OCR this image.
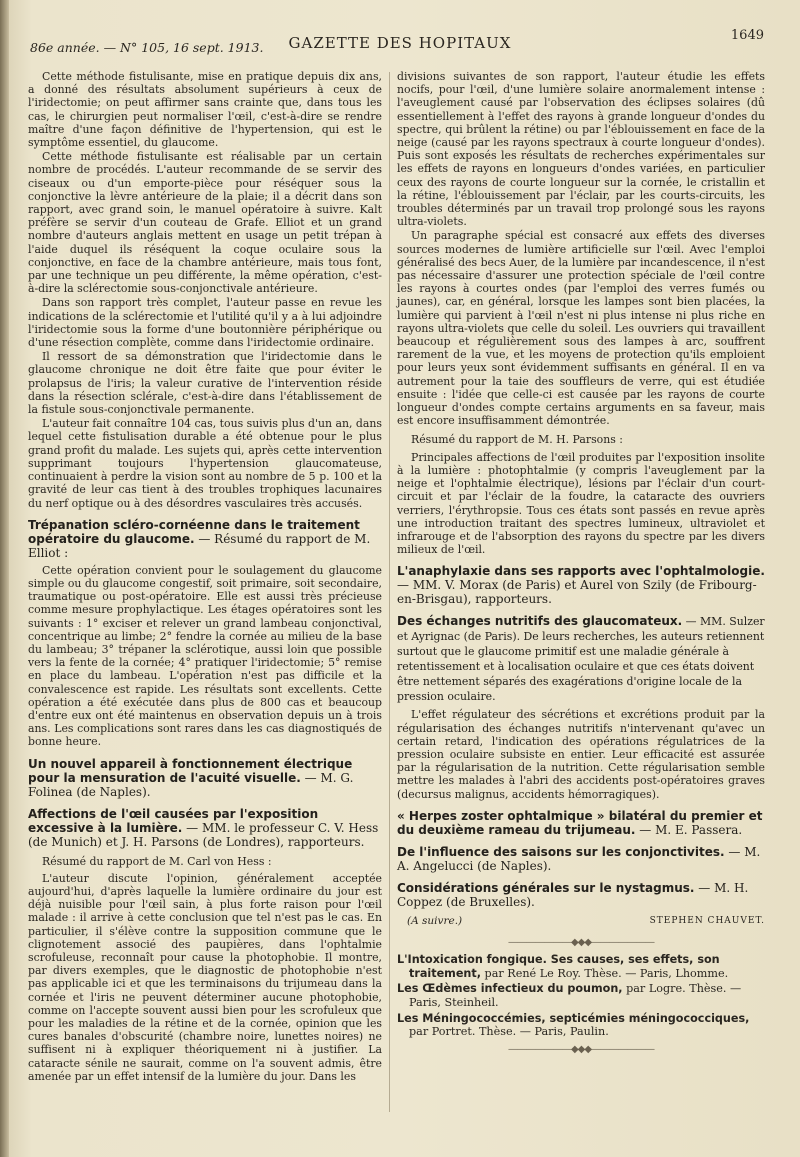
86e année. — N° 105, 16 sept. 1913.	GAZETTE DES HOPITAUX	1649

Cette méthode fistulisante, mise en pratique depuis dix ans, a donné des résultats absolument supérieurs à ceux de l'iridectomie; on peut affirmer sans crainte que, dans tous les cas, le chirurgien peut normaliser l'œil, c'est-à-dire se rendre maître d'une façon définitive de l'hypertension, qui est le symptôme essentiel, du glaucome.

Cette méthode fistulisante est réalisable par un certain nombre de procédés. L'auteur recommande de se servir des ciseaux ou d'un emporte-pièce pour réséquer sous la conjonctive la lèvre antérieure de la plaie; il a décrit dans son rapport, avec grand soin, le manuel opératoire à suivre. Kalt préfère se servir d'un couteau de Grafe. Elliot et un grand nombre d'auteurs anglais mettent en usage un petit trépan à l'aide duquel ils réséquent la coque oculaire sous la conjonctive, en face de la chambre antérieure, mais tous font, par une technique un peu différente, la même opération, c'est-à-dire la sclérectomie sous-conjonctivale antérieure.

Dans son rapport très complet, l'auteur passe en revue les indications de la sclérectomie et l'utilité qu'il y a à lui adjoindre l'iridectomie sous la forme d'une boutonnière périphérique ou d'une résection complète, comme dans l'iridectomie ordinaire.

Il ressort de sa démonstration que l'iridectomie dans le glaucome chronique ne doit être faite que pour éviter le prolapsus de l'iris; la valeur curative de l'intervention réside dans la résection sclérale, c'est-à-dire dans l'établissement de la fistule sous-conjonctivale permanente.

L'auteur fait connaître 104 cas, tous suivis plus d'un an, dans lequel cette fistulisation durable a été obtenue pour le plus grand profit du malade. Les sujets qui, après cette intervention supprimant toujours l'hypertension glaucomateuse, continuaient à perdre la vision sont au nombre de 5 p. 100 et la gravité de leur cas tient à des troubles trophiques lacunaires du nerf optique ou à des désordres vasculaires très accusés.

Trépanation scléro-cornéenne dans le traitement opératoire du glaucome. — Résumé du rapport de M. Elliot :

Cette opération convient pour le soulagement du glaucome simple ou du glaucome congestif, soit primaire, soit secondaire, traumatique ou post-opératoire. Elle est aussi très précieuse comme mesure prophylactique. Les étages opératoires sont les suivants : 1° exciser et relever un grand lambeau conjonctival, concentrique au limbe; 2° fendre la cornée au milieu de la base du lambeau; 3° trépaner la sclérotique, aussi loin que possible vers la fente de la cornée; 4° pratiquer l'iridectomie; 5° remise en place du lambeau. L'opération n'est pas difficile et la convalescence est rapide. Les résultats sont excellents. Cette opération a été exécutée dans plus de 800 cas et beaucoup d'entre eux ont été maintenus en observation depuis un à trois ans. Les complications sont rares dans les cas diagnostiqués de bonne heure.

Un nouvel appareil à fonctionnement électrique pour la mensuration de l'acuité visuelle. — M. G. Folinea (de Naples).
Affections de l'œil causées par l'exposition excessive à la lumière. — MM. le professeur C. V. Hess (de Munich) et J. H. Parsons (de Londres), rapporteurs.
Résumé du rapport de M. Carl von Hess :

L'auteur discute l'opinion, généralement acceptée aujourd'hui, d'après laquelle la lumière ordinaire du jour est déjà nuisible pour l'œil sain, à plus forte raison pour l'œil malade : il arrive à cette conclusion que tel n'est pas le cas. En particulier, il s'élève contre la supposition commune que le clignotement associé des paupières, dans l'ophtalmie scrofuleuse, reconnaît pour cause la photophobie. Il montre, par divers exemples, que le diagnostic de photophobie n'est pas applicable ici et que les terminaisons du trijumeau dans la cornée et l'iris ne peuvent déterminer aucune photophobie, comme on l'accepte souvent aussi bien pour les scrofuleux que pour les maladies de la rétine et de la cornée, opinion que les cures banales d'obscurité (chambre noire, lunettes noires) ne suffisent ni à expliquer théoriquement ni à justifier. La cataracte sénile ne saurait, comme on l'a souvent admis, être amenée par un effet intensif de la lumière du jour. Dans les

divisions suivantes de son rapport, l'auteur étudie les effets nocifs, pour l'œil, d'une lumière solaire anormalement intense : l'aveuglement causé par l'observation des éclipses solaires (dû essentiellement à l'effet des rayons à grande longueur d'ondes du spectre, qui brûlent la rétine) ou par l'éblouissement en face de la neige (causé par les rayons spectraux à courte longueur d'ondes). Puis sont exposés les résultats de recherches expérimentales sur les effets de rayons en longueurs d'ondes variées, en particulier ceux des rayons de courte longueur sur la cornée, le cristallin et la rétine, l'éblouissement par l'éclair, par les courts-circuits, les troubles déterminés par un travail trop prolongé sous les rayons ultra-violets.

Un paragraphe spécial est consacré aux effets des diverses sources modernes de lumière artificielle sur l'œil. Avec l'emploi généralisé des becs Auer, de la lumière par incandescence, il n'est pas nécessaire d'assurer une protection spéciale de l'œil contre les rayons à courtes ondes (par l'emploi des verres fumés ou jaunes), car, en général, lorsque les lampes sont bien placées, la lumière qui parvient à l'œil n'est ni plus intense ni plus riche en rayons ultra-violets que celle du soleil. Les ouvriers qui travaillent beaucoup et régulièrement sous des lampes à arc, souffrent rarement de la vue, et les moyens de protection qu'ils emploient pour leurs yeux sont évidemment suffisants en général. Il en va autrement pour la taie des souffleurs de verre, qui est étudiée ensuite : l'idée que celle-ci est causée par les rayons de courte longueur d'ondes compte certains arguments en sa faveur, mais est encore insuffisamment démontrée.

Résumé du rapport de M. H. Parsons :

Principales affections de l'œil produites par l'exposition insolite à la lumière : photophtalmie (y compris l'aveuglement par la neige et l'ophtalmie électrique), lésions par l'éclair d'un court-circuit et par l'éclair de la foudre, la cataracte des ouvriers verriers, l'érythropsie. Tous ces états sont passés en revue après une introduction traitant des spectres lumineux, ultraviolet et infrarouge et de l'absorption des rayons du spectre par les divers milieux de l'œil.

L'anaphylaxie dans ses rapports avec l'ophtalmologie. — MM. V. Morax (de Paris) et Aurel von Szily (de Fribourg-en-Brisgau), rapporteurs.
Des échanges nutritifs des glaucomateux. — MM. Sulzer et Ayrignac (de Paris). De leurs recherches, les auteurs retiennent surtout que le glaucome primitif est une maladie générale à retentissement et à localisation oculaire et que ces états doivent être nettement séparés des exagérations d'origine locale de la pression oculaire.

L'effet régulateur des sécrétions et excrétions produit par la régularisation des échanges nutritifs n'intervenant qu'avec un certain retard, l'indication des opérations régulatrices de la pression oculaire subsiste en entier. Leur efficacité est assurée par la régularisation de la nutrition. Cette régularisation semble mettre les malades à l'abri des accidents post-opératoires graves (decursus malignus, accidents hémorragiques).

« Herpes zoster ophtalmique » bilatéral du premier et du deuxième rameau du trijumeau. — M. E. Passera.
De l'influence des saisons sur les conjonctivites. — M. A. Angelucci (de Naples).
Considérations générales sur le nystagmus. — M. H. Coppez (de Bruxelles).
(A suivre.)	STEPHEN CHAUVET.
———————◆◆◆———————
L'Intoxication fongique. Ses causes, ses effets, son traitement, par René Le Roy. Thèse. — Paris, Lhomme.
Les Œdèmes infectieux du poumon, par Logre. Thèse. — Paris, Steinheil.
Les Méningococcémies, septicémies méningococciques, par Portret. Thèse. — Paris, Paulin.
———————◆◆◆———————
